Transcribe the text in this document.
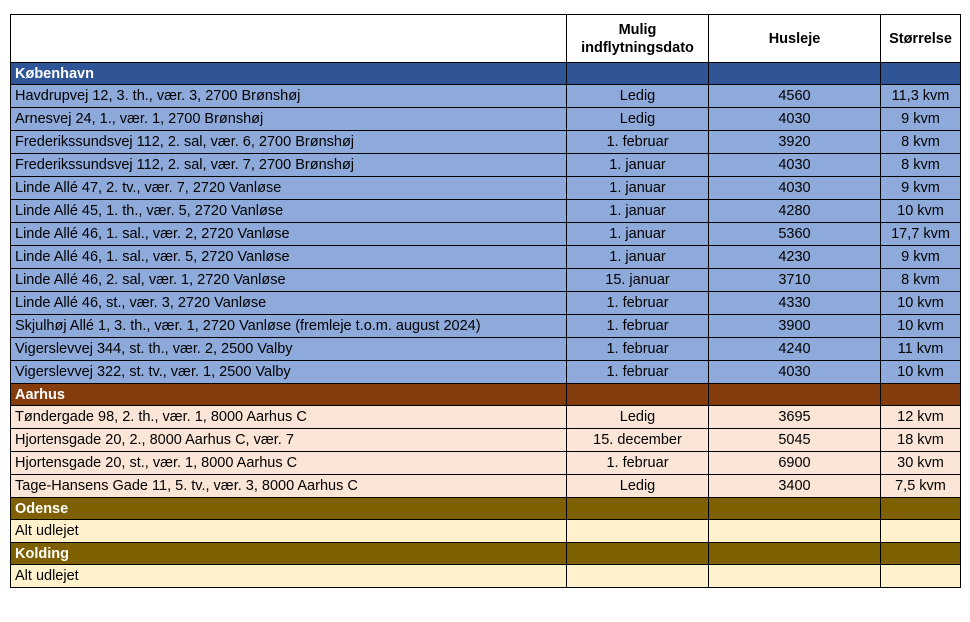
	Mulig indflytningsdato	Husleje	Størrelse
København			
Havdrupvej 12, 3. th., vær. 3, 2700 Brønshøj	Ledig	4560	11,3 kvm
Arnesvej 24, 1., vær. 1, 2700 Brønshøj	Ledig	4030	9 kvm
Frederikssundsvej 112, 2. sal, vær. 6, 2700 Brønshøj	1. februar	3920	8 kvm
Frederikssundsvej 112, 2. sal, vær. 7, 2700 Brønshøj	1. januar	4030	8 kvm
Linde Allé 47, 2. tv., vær. 7, 2720 Vanløse	1. januar	4030	9 kvm
Linde Allé 45, 1. th., vær. 5, 2720 Vanløse	1. januar	4280	10 kvm
Linde Allé 46, 1. sal., vær. 2, 2720 Vanløse	1. januar	5360	17,7 kvm
Linde Allé 46, 1. sal., vær. 5, 2720 Vanløse	1. januar	4230	9 kvm
Linde Allé 46, 2. sal, vær. 1, 2720 Vanløse	15. januar	3710	8 kvm
Linde Allé 46, st., vær. 3, 2720 Vanløse	1. februar	4330	10 kvm
Skjulhøj Allé 1, 3. th., vær. 1, 2720 Vanløse (fremleje t.o.m. august 2024)	1. februar	3900	10 kvm
Vigerslevvej 344, st. th., vær. 2, 2500 Valby	1. februar	4240	11 kvm
Vigerslevvej 322, st. tv., vær. 1, 2500 Valby	1. februar	4030	10 kvm
Aarhus			
Tøndergade 98, 2. th., vær. 1, 8000 Aarhus C	Ledig	3695	12 kvm
Hjortensgade 20, 2., 8000 Aarhus C, vær. 7	15. december	5045	18 kvm
Hjortensgade 20, st., vær. 1, 8000 Aarhus C	1. februar	6900	30 kvm
Tage-Hansens Gade 11, 5. tv., vær. 3, 8000 Aarhus C	Ledig	3400	7,5 kvm
Odense			
Alt udlejet			
Kolding			
Alt udlejet			
